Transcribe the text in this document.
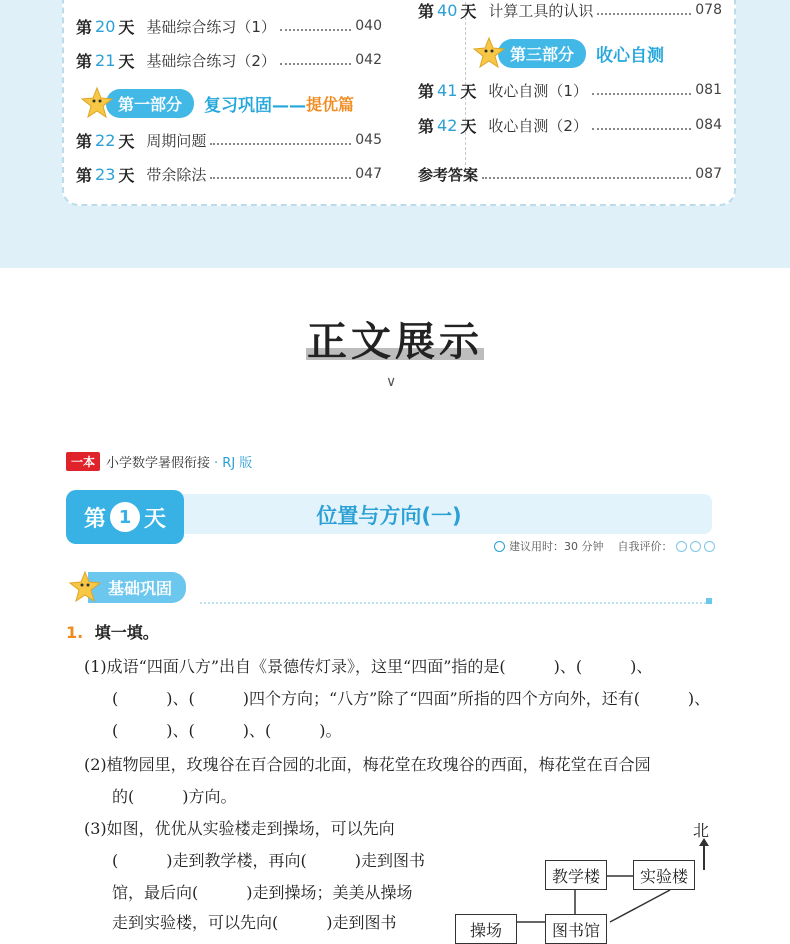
第 20 天 基础综合练习（1）	040
第 21 天 基础综合练习（2）	042
第一部分	复习巩固—— 提优篇
第 22 天 周期问题	045
第 23 天 带余除法	047
第 40 天 计算工具的认识	078
第三部分	收心自测
第 41 天 收心自测（1）	081
第 42 天 收心自测（2）	084
参考答案	087
正文展示
∨
一本 小学数学暑假衔接 · RJ 版
第 1 天	位置与方向(一)
建议用时：30 分钟 自我评价：
基础巩固
1. 填一填。
(1)成语“四面八方”出自《景德传灯录》，这里“四面”指的是(　　　)、(　　　)、
(　　　)、(　　　)四个方向；“八方”除了“四面”所指的四个方向外，还有(　　　)、
(　　　)、(　　　)、(　　　)。
(2)植物园里，玫瑰谷在百合园的北面，梅花堂在玫瑰谷的西面，梅花堂在百合园
的(　　　)方向。
(3)如图，优优从实验楼走到操场，可以先向
(　　　)走到教学楼，再向(　　　)走到图书
馆，最后向(　　　)走到操场；美美从操场
走到实验楼，可以先向(　　　)走到图书
北
教学楼	实验楼
图书馆
操场
